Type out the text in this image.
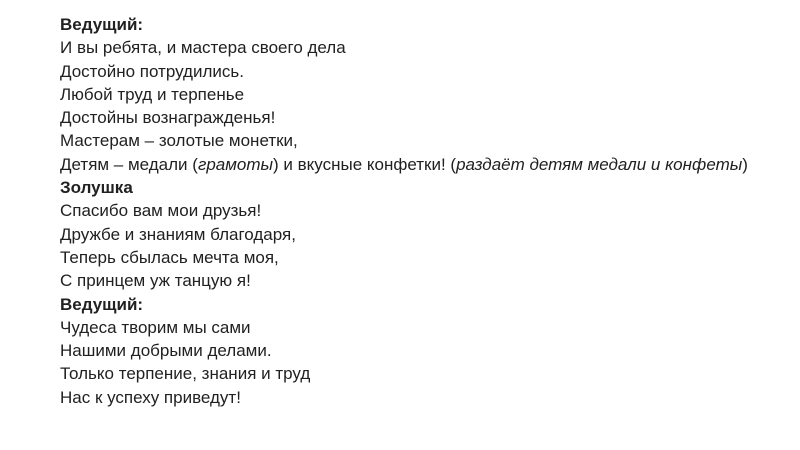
Ведущий:
И вы ребята, и мастера своего дела
Достойно потрудились.
Любой труд и терпенье
Достойны вознагражденья!
Мастерам – золотые монетки,
Детям – медали (грамоты) и вкусные конфетки! (раздаёт детям медали и конфеты)
Золушка
Спасибо вам мои друзья!
Дружбе и знаниям благодаря,
Теперь сбылась мечта моя,
С принцем уж танцую я!
Ведущий:
Чудеса творим мы сами
Нашими добрыми делами.
Только терпение, знания и труд
Нас к успеху приведут!
